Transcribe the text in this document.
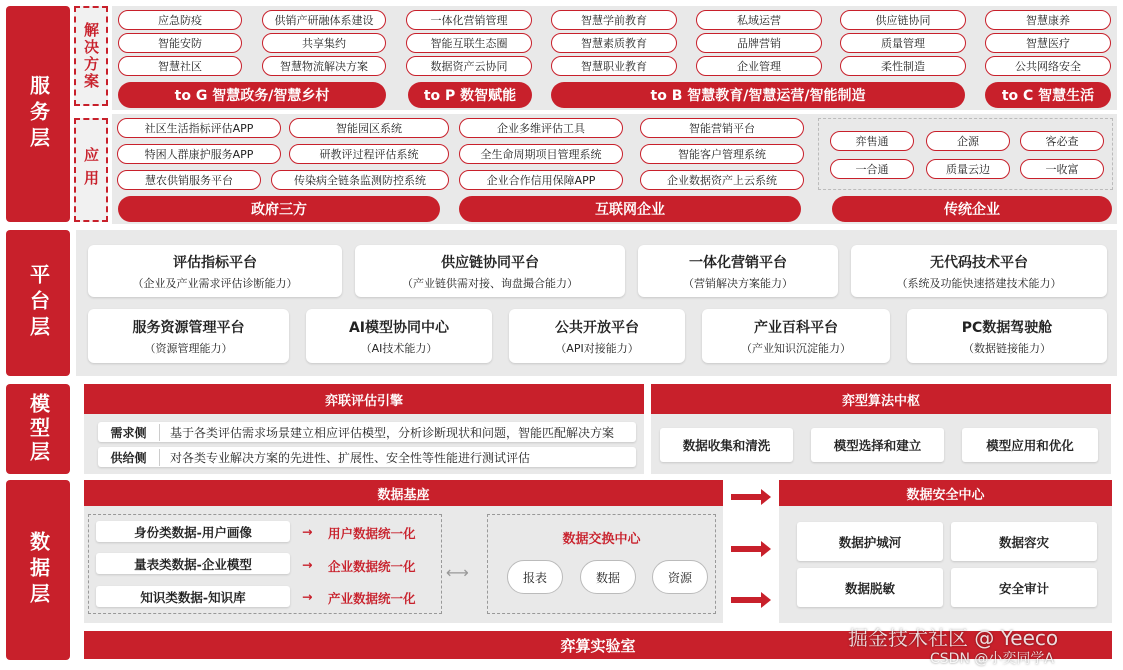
服务层
平台层
模型层
数据层
解决方案
应用
应急防疫	供销产研融体系建设
智能安防	共享集约
智慧社区	智慧物流解决方案
一体化营销管理
智能互联生态圈
数据资产云协同
智慧学前教育
智慧素质教育
智慧职业教育
私域运营
品牌营销
企业管理
供应链协同
质量管理
柔性制造
智慧康养
智慧医疗
公共网络安全
to G 智慧政务/智慧乡村	to P 数智赋能	to B 智慧教育/智慧运营/智能制造	to C 智慧生活
社区生活指标评估APP	智能园区系统
特困人群康护服务APP	研教评过程评估系统
慧农供销服务平台	传染病全链条监测防控系统
企业多维评估工具	智能营销平台
全生命周期项目管理系统	智能客户管理系统
企业合作信用保障APP	企业数据资产上云系统
弈售通	企源	客必查
一合通	质量云边	一收富
政府三方	互联网企业	传统企业
评估指标平台
（企业及产业需求评估诊断能力）
供应链协同平台
（产业链供需对接、询盘撮合能力）
一体化营销平台
（营销解决方案能力）
无代码技术平台
（系统及功能快速搭建技术能力）
服务资源管理平台
（资源管理能力）
AI模型协同中心
（AI技术能力）
公共开放平台
（API对接能力）
产业百科平台
（产业知识沉淀能力）
PC数据驾驶舱
（数据链接能力）
弈联评估引擎
需求侧	基于各类评估需求场景建立相应评估模型，分析诊断现状和问题，智能匹配解决方案
供给侧	对各类专业解决方案的先进性、扩展性、安全性等性能进行测试评估
弈型算法中枢
数据收集和清洗	模型选择和建立	模型应用和优化
数据基座
身份类数据-用户画像
量表类数据-企业模型
知识类数据-知识库
→
→
→
用户数据统一化
企业数据统一化
产业数据统一化
⟷
数据交换中心
报表	数据	资源
数据安全中心
数据护城河	数据容灾
数据脱敏	安全审计
弈算实验室	掘金技术社区 @ Yeeco
CSDN @小奕同学A
